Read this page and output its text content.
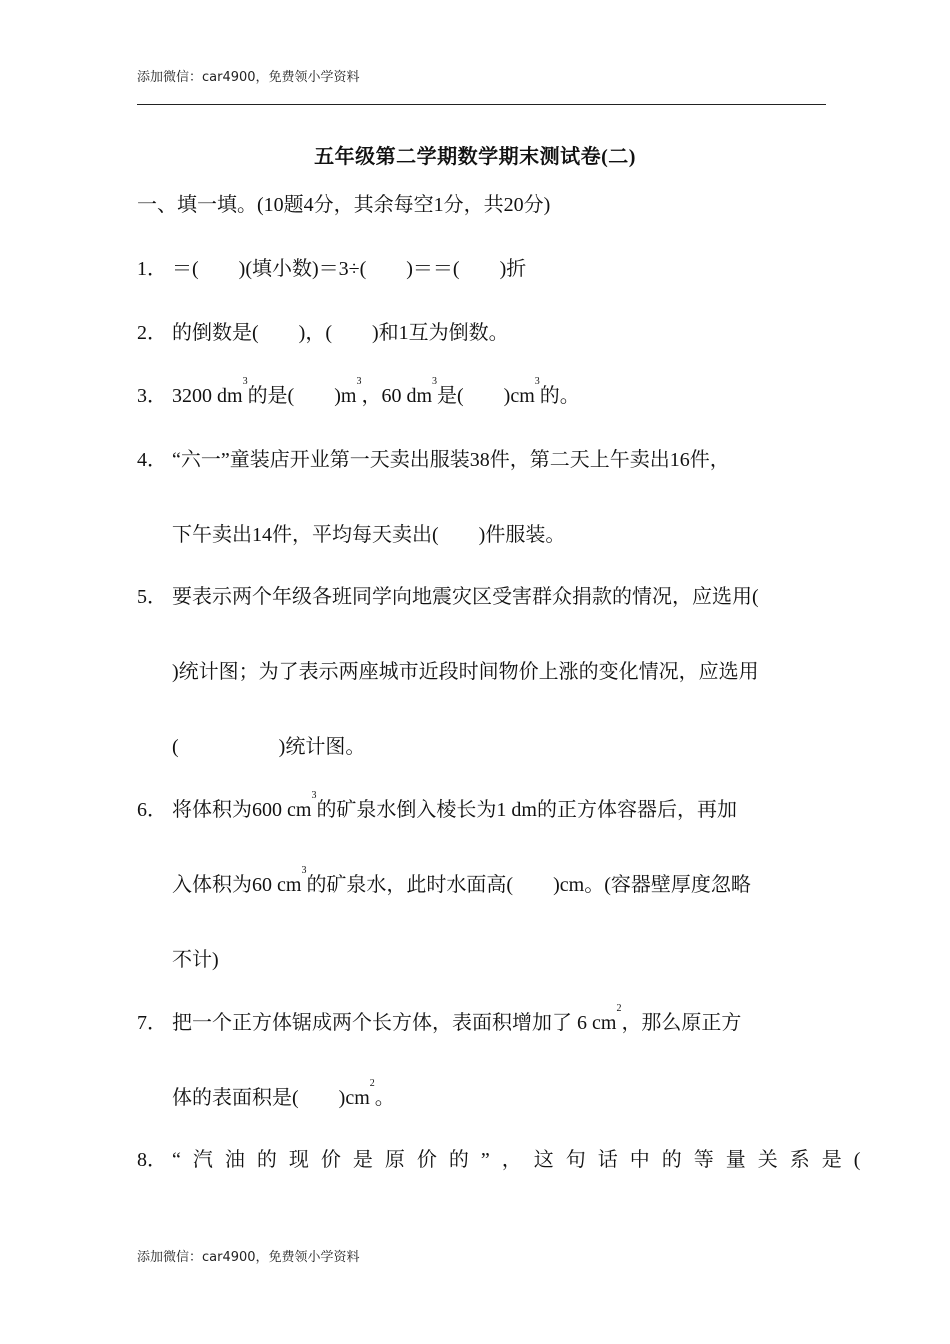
添加微信：car4900，免费领小学资料
五年级第二学期数学期末测试卷(二)
一、填一填。(10题4分，其余每空1分，共20分)
1． ＝(　　)(填小数)＝3÷(　　)＝＝(　　)折
2． 的倒数是(　　)，(　　)和1互为倒数。
3． 3200 $dm^3$的是(　　)$m^3$，60 $dm^3$是(　　)$cm^3$的。
4． “六一”童装店开业第一天卖出服装38件，第二天上午卖出16件，
下午卖出14件，平均每天卖出(　　)件服装。
5． 要表示两个年级各班同学向地震灾区受害群众捐款的情况，应选用(
)统计图；为了表示两座城市近段时间物价上涨的变化情况，应选用
(　　　　　)统计图。
6． 将体积为600 $cm^3$的矿泉水倒入棱长为1 dm的正方体容器后，再加
入体积为60 $cm^3$的矿泉水，此时水面高(　　)cm。(容器壁厚度忽略
不计)
7． 把一个正方体锯成两个长方体，表面积增加了 6 $cm^2$，那么原正方
体的表面积是(　　)$cm^2$。
8． “汽油的现价是原价的”，这句话中的等量关系是(
添加微信：car4900，免费领小学资料
